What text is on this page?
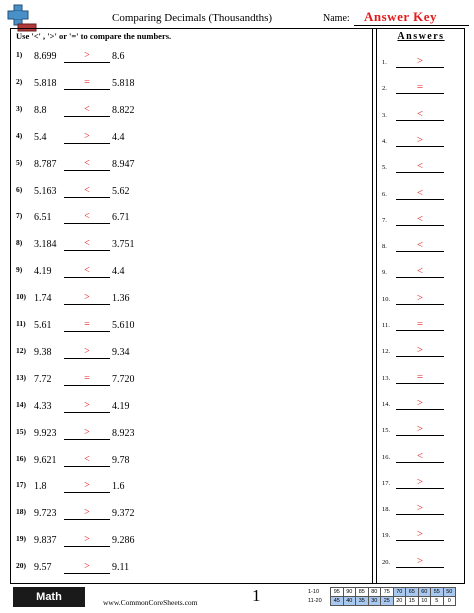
Comparing Decimals (Thousandths)	Name: Answer Key
Use '<' , '>' or '=' to compare the numbers.	Answers
1) 8.699	>	8.6
2) 5.818	=	5.818
3) 8.8	<	8.822
4) 5.4	>	4.4
5) 8.787	<	8.947
6) 5.163	<	5.62
7) 6.51	<	6.71
8) 3.184	<	3.751
9) 4.19	<	4.4
10) 1.74	>	1.36
11) 5.61	=	5.610
12) 9.38	>	9.34
13) 7.72	=	7.720
14) 4.33	>	4.19
15) 9.923	>	8.923
16) 9.621	<	9.78
17) 1.8	>	1.6
18) 9.723	>	9.372
19) 9.837	>	9.286
20) 9.57	>	9.11
1.	>
2.	=
3.	<
4.	>
5.	<
6.	<
7.	<
8.	<
9.	<
10.	>
11.	=
12.	>
13.	=
14.	>
15.	>
16.	<
17.	>
18.	>
19.	>
20.	>
Math	www.CommonCoreSheets.com	1	1-10	95	90	85	80	75	70	65	60	55	50
11-20	45	40	35	30	25	20	15	10	5	0
